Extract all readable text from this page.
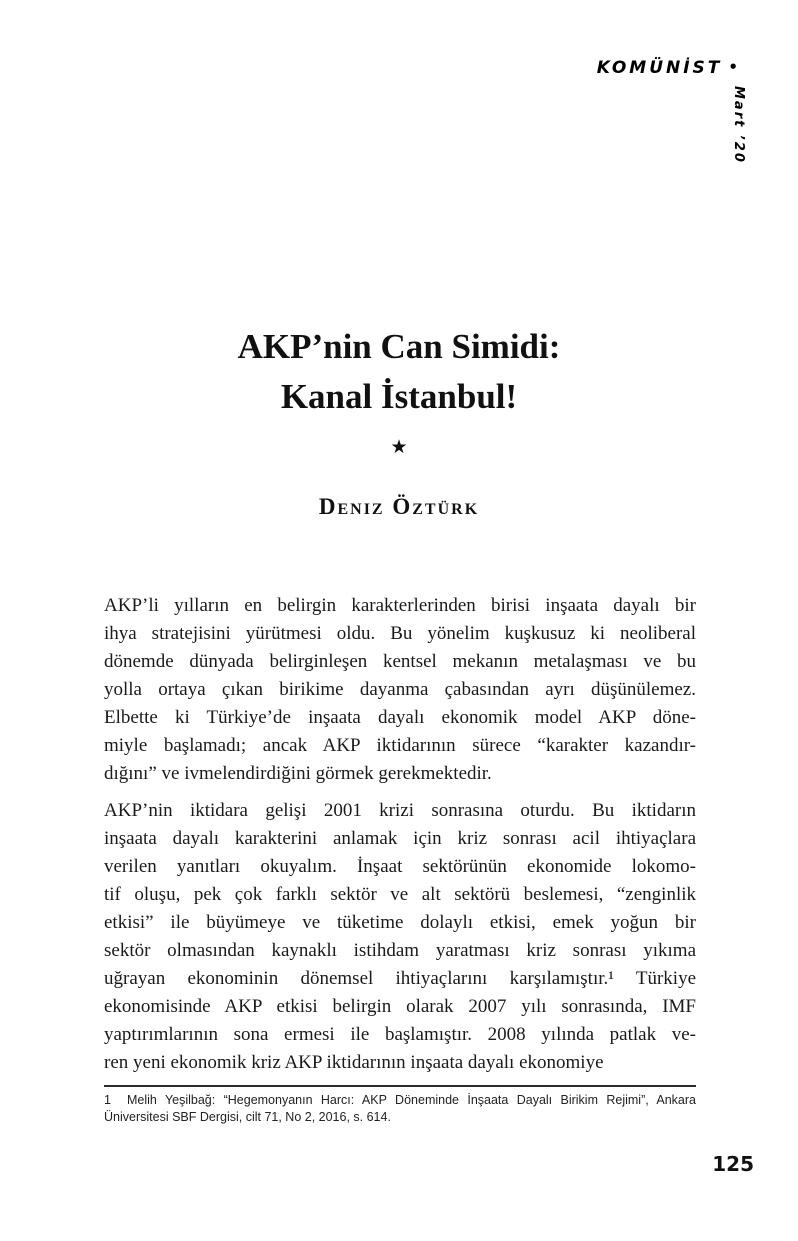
KOMÜNİST •
Mart ’20
AKP’nin Can Simidi:
Kanal İstanbul!
★
Deniz Öztürk
AKP’li yılların en belirgin karakterlerinden birisi inşaata dayalı bir
ihya stratejisini yürütmesi oldu. Bu yönelim kuşkusuz ki neoliberal
dönemde dünyada belirginleşen kentsel mekanın metalaşması ve bu
yolla ortaya çıkan birikime dayanma çabasından ayrı düşünülemez.
Elbette ki Türkiye’de inşaata dayalı ekonomik model AKP döne-
miyle başlamadı; ancak AKP iktidarının sürece “karakter kazandır-
dığını” ve ivmelendirdiğini görmek gerekmektedir.
AKP’nin iktidara gelişi 2001 krizi sonrasına oturdu. Bu iktidarın
inşaata dayalı karakterini anlamak için kriz sonrası acil ihtiyaçlara
verilen yanıtları okuyalım. İnşaat sektörünün ekonomide lokomo-
tif oluşu, pek çok farklı sektör ve alt sektörü beslemesi, “zenginlik
etkisi” ile büyümeye ve tüketime dolaylı etkisi, emek yoğun bir
sektör olmasından kaynaklı istihdam yaratması kriz sonrası yıkıma
uğrayan ekonominin dönemsel ihtiyaçlarını karşılamıştır.¹ Türkiye
ekonomisinde AKP etkisi belirgin olarak 2007 yılı sonrasında, IMF
yaptırımlarının sona ermesi ile başlamıştır. 2008 yılında patlak ve-
ren yeni ekonomik kriz AKP iktidarının inşaata dayalı ekonomiye
1 Melih Yeşilbağ: “Hegemonyanın Harcı: AKP Döneminde İnşaata Dayalı Birikim Rejimi”, Ankara Üniversitesi SBF Dergisi, cilt 71, No 2, 2016, s. 614.
125
